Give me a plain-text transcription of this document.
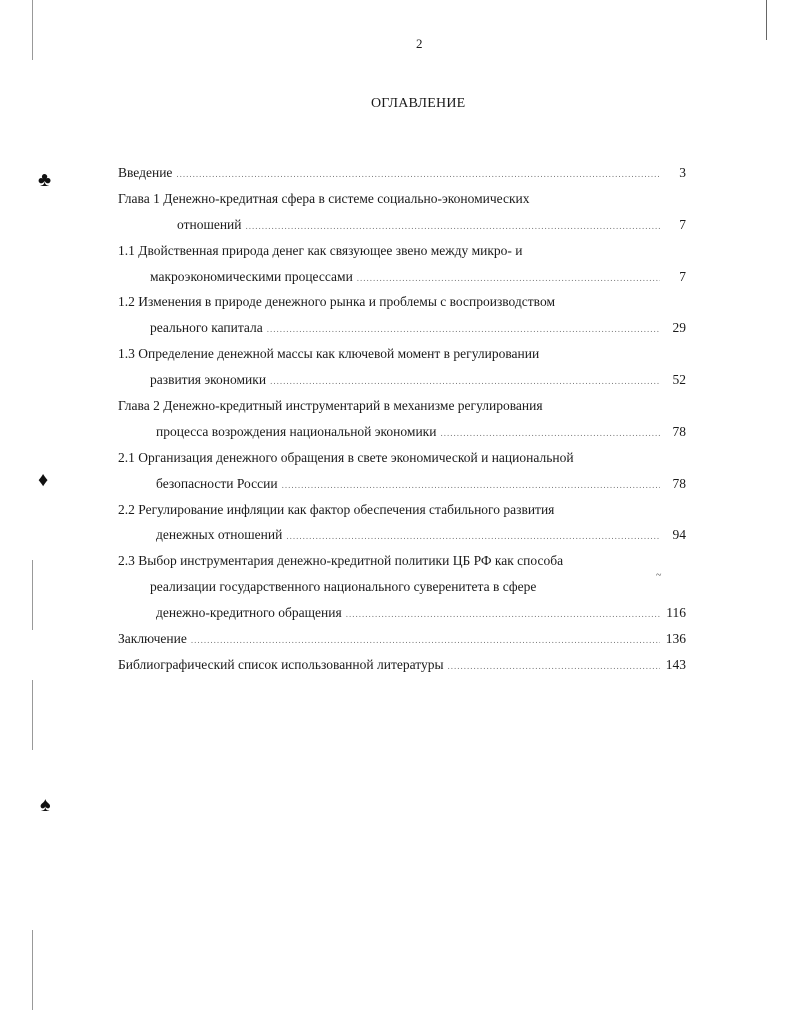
♣
♦
♠
~
2
ОГЛАВЛЕНИЕ
Введение .....	3
Глава 1 Денежно-кредитная сфера в системе социально-экономических
отношений .....	7
1.1 Двойственная природа денег как связующее звено между микро- и
макроэкономическими процессами .....	7
1.2 Изменения в природе денежного рынка и проблемы с воспроизводством
реального капитала .....	29
1.3 Определение денежной массы как ключевой момент в регулировании
развития экономики .....	52
Глава 2 Денежно-кредитный инструментарий в механизме регулирования
процесса возрождения национальной экономики .....	78
2.1 Организация денежного обращения в свете экономической и национальной
безопасности России .....	78
2.2 Регулирование инфляции как фактор обеспечения стабильного развития
денежных отношений .....	94
2.3 Выбор инструментария денежно-кредитной политики ЦБ РФ как способа
реализации государственного национального суверенитета в сфере
денежно-кредитного обращения .....	116
Заключение .....	136
Библиографический список использованной литературы .....	143
